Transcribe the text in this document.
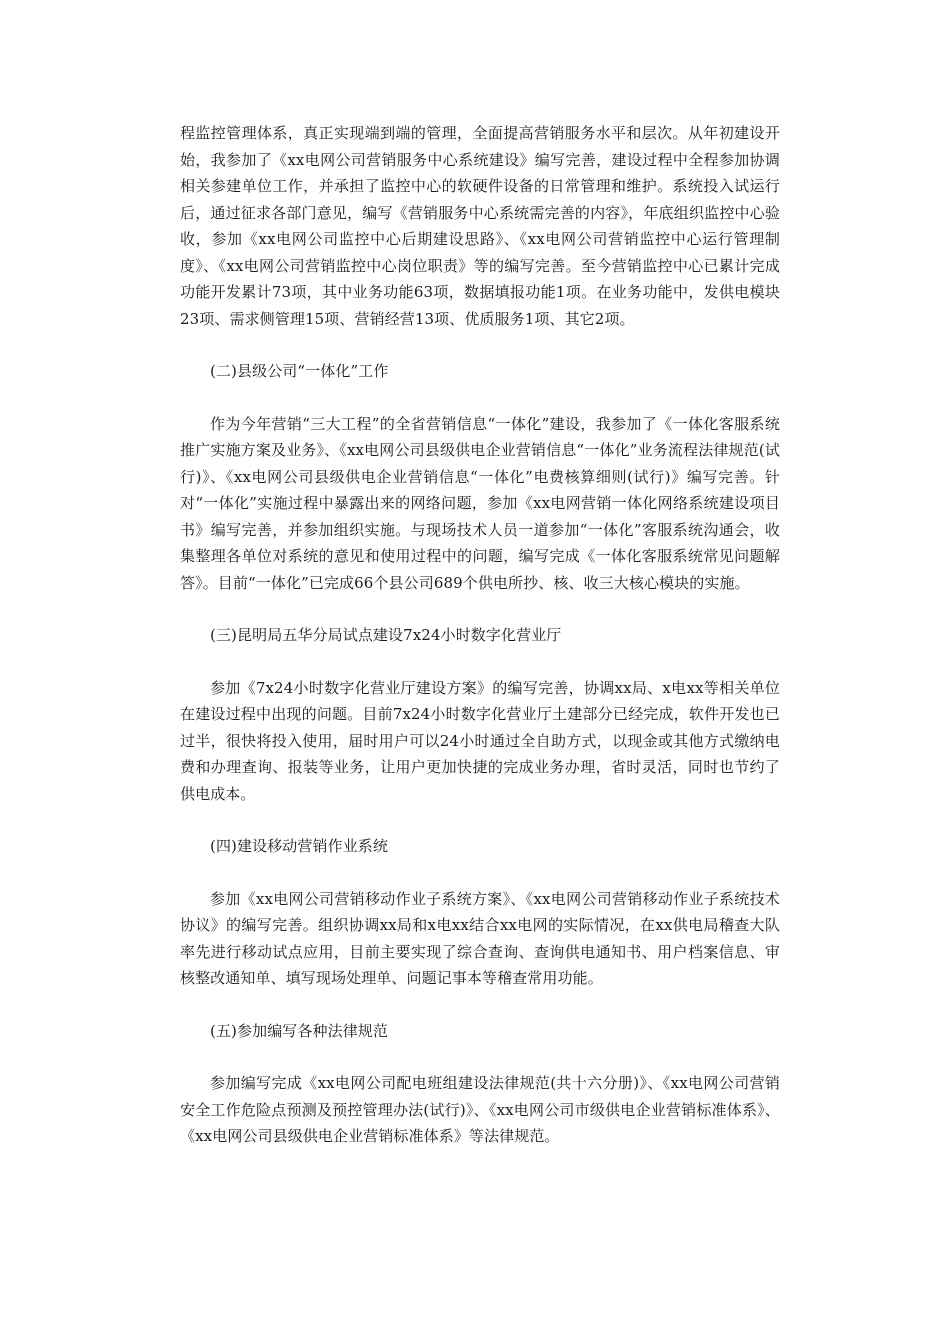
程监控管理体系，真正实现端到端的管理，全面提高营销服务水平和层次。从年初建设开始，我参加了《xx电网公司营销服务中心系统建设》编写完善，建设过程中全程参加协调相关参建单位工作，并承担了监控中心的软硬件设备的日常管理和维护。系统投入试运行后，通过征求各部门意见，编写《营销服务中心系统需完善的内容》，年底组织监控中心验收，参加《xx电网公司监控中心后期建设思路》、《xx电网公司营销监控中心运行管理制度》、《xx电网公司营销监控中心岗位职责》等的编写完善。至今营销监控中心已累计完成功能开发累计73项，其中业务功能63项，数据填报功能1项。在业务功能中，发供电模块23项、需求侧管理15项、营销经营13项、优质服务1项、其它2项。

(二)县级公司“一体化”工作

作为今年营销“三大工程”的全省营销信息“一体化”建设，我参加了《一体化客服系统推广实施方案及业务》、《xx电网公司县级供电企业营销信息“一体化”业务流程法律规范(试行)》、《xx电网公司县级供电企业营销信息“一体化”电费核算细则(试行)》编写完善。针对“一体化”实施过程中暴露出来的网络问题，参加《xx电网营销一体化网络系统建设项目书》编写完善，并参加组织实施。与现场技术人员一道参加“一体化”客服系统沟通会，收集整理各单位对系统的意见和使用过程中的问题，编写完成《一体化客服系统常见问题解答》。目前“一体化”已完成66个县公司689个供电所抄、核、收三大核心模块的实施。

(三)昆明局五华分局试点建设7x24小时数字化营业厅

参加《7x24小时数字化营业厅建设方案》的编写完善，协调xx局、x电xx等相关单位在建设过程中出现的问题。目前7x24小时数字化营业厅土建部分已经完成，软件开发也已过半，很快将投入使用，届时用户可以24小时通过全自助方式，以现金或其他方式缴纳电费和办理查询、报装等业务，让用户更加快捷的完成业务办理，省时灵活，同时也节约了供电成本。

(四)建设移动营销作业系统

参加《xx电网公司营销移动作业子系统方案》、《xx电网公司营销移动作业子系统技术协议》的编写完善。组织协调xx局和x电xx结合xx电网的实际情况，在xx供电局稽查大队率先进行移动试点应用，目前主要实现了综合查询、查询供电通知书、用户档案信息、审核整改通知单、填写现场处理单、问题记事本等稽查常用功能。

(五)参加编写各种法律规范

参加编写完成《xx电网公司配电班组建设法律规范(共十六分册)》、《xx电网公司营销安全工作危险点预测及预控管理办法(试行)》、《xx电网公司市级供电企业营销标准体系》、《xx电网公司县级供电企业营销标准体系》等法律规范。
